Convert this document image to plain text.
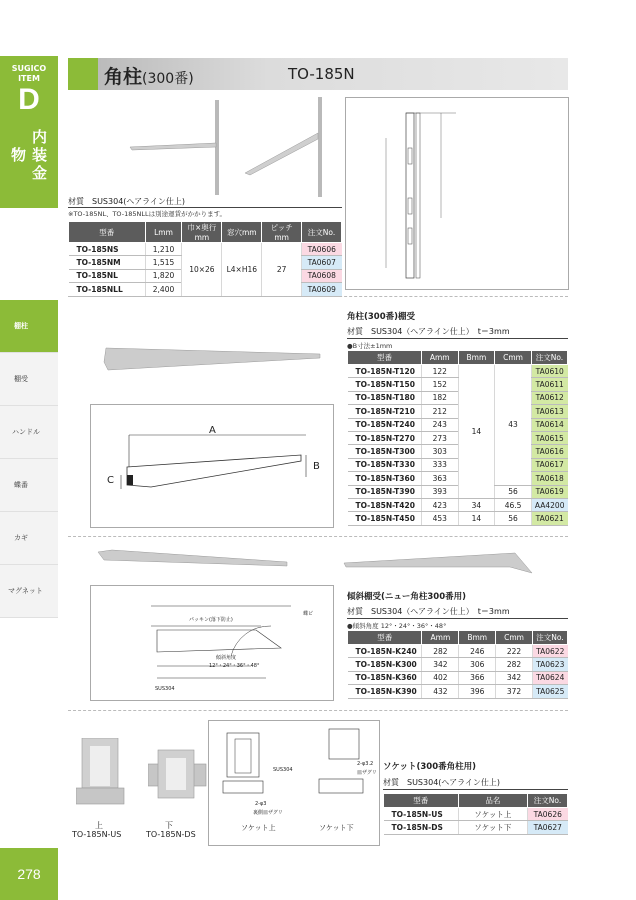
SUGICO
ITEM
D
内装金物
棚柱
棚受
ハンドル
蝶番
カギ
マグネット
278
角柱(300番)	TO-185N
材質　SUS304(ヘアライン仕上)
※TO-185NL、TO-185NLLは別途運賃がかかります。
型番	Lmm	巾×奥行mm	窓穴mm	ピッチmm	注文No.
TO-185NS	1,210	10×26	L4×H16	27	TA0606
TO-185NM	1,515				TA0607
TO-185NL	1,820				TA0608
TO-185NLL	2,400				TA0609
A
B
C
角柱(300番)棚受
材質　SUS304（ヘアライン仕上）　t＝3mm
●B寸法±1mm
型番	Amm	Bmm	Cmm	注文No.
TO-185N-T120	122	14	43	TA0610
TO-185N-T150	152			TA0611
TO-185N-T180	182			TA0612
TO-185N-T210	212			TA0613
TO-185N-T240	243			TA0614
TO-185N-T270	273			TA0615
TO-185N-T300	303			TA0616
TO-185N-T330	333			TA0617
TO-185N-T360	363			TA0618
TO-185N-T390	393		56	TA0619
TO-185N-T420	423	34	46.5	AA4200
TO-185N-T450	453	14	56	TA0621
パッキン(落下防止)
傾斜角度
12°・24°・36°・48°
SUS304
蝶ビ
傾斜棚受(ニュー角柱300番用)
材質　SUS304（ヘアライン仕上）　t＝3mm
●傾斜角度 12°・24°・36°・48°
型番	Amm	Bmm	Cmm	注文No.
TO-185N-K240	282	246	222	TA0622
TO-185N-K300	342	306	282	TA0623
TO-185N-K360	402	366	342	TA0624
TO-185N-K390	432	396	372	TA0625
上
TO-185N-US
下
TO-185N-DS
SUS304
2-φ3.2
皿ザグリ
2-φ3
裏側皿ザグリ
ソケット上	ソケット下
ソケット(300番角柱用)
材質　SUS304(ヘアライン仕上)
型番	品名	注文No.
TO-185N-US	ソケット上	TA0626
TO-185N-DS	ソケット下	TA0627
